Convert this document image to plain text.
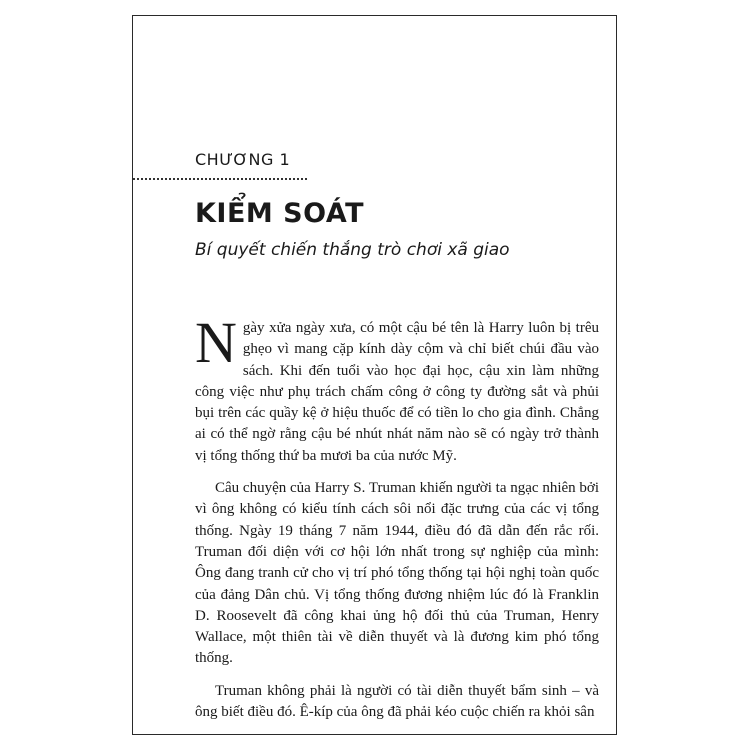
CHƯƠNG 1
KIỂM SOÁT
Bí quyết chiến thắng trò chơi xã giao

Ngày xửa ngày xưa, có một cậu bé tên là Harry luôn bị trêu ghẹo vì mang cặp kính dày cộm và chỉ biết chúi đầu vào sách. Khi đến tuổi vào học đại học, cậu xin làm những công việc như phụ trách chấm công ở công ty đường sắt và phủi bụi trên các quầy kệ ở hiệu thuốc để có tiền lo cho gia đình. Chẳng ai có thể ngờ rằng cậu bé nhút nhát năm nào sẽ có ngày trở thành vị tổng thống thứ ba mươi ba của nước Mỹ.

Câu chuyện của Harry S. Truman khiến người ta ngạc nhiên bởi vì ông không có kiểu tính cách sôi nổi đặc trưng của các vị tổng thống. Ngày 19 tháng 7 năm 1944, điều đó đã dẫn đến rắc rối. Truman đối diện với cơ hội lớn nhất trong sự nghiệp của mình: Ông đang tranh cử cho vị trí phó tổng thống tại hội nghị toàn quốc của đảng Dân chủ. Vị tổng thống đương nhiệm lúc đó là Franklin D. Roosevelt đã công khai ủng hộ đối thủ của Truman, Henry Wallace, một thiên tài về diễn thuyết và là đương kim phó tổng thống.

Truman không phải là người có tài diễn thuyết bẩm sinh – và ông biết điều đó. Ê-kíp của ông đã phải kéo cuộc chiến ra khỏi sân
